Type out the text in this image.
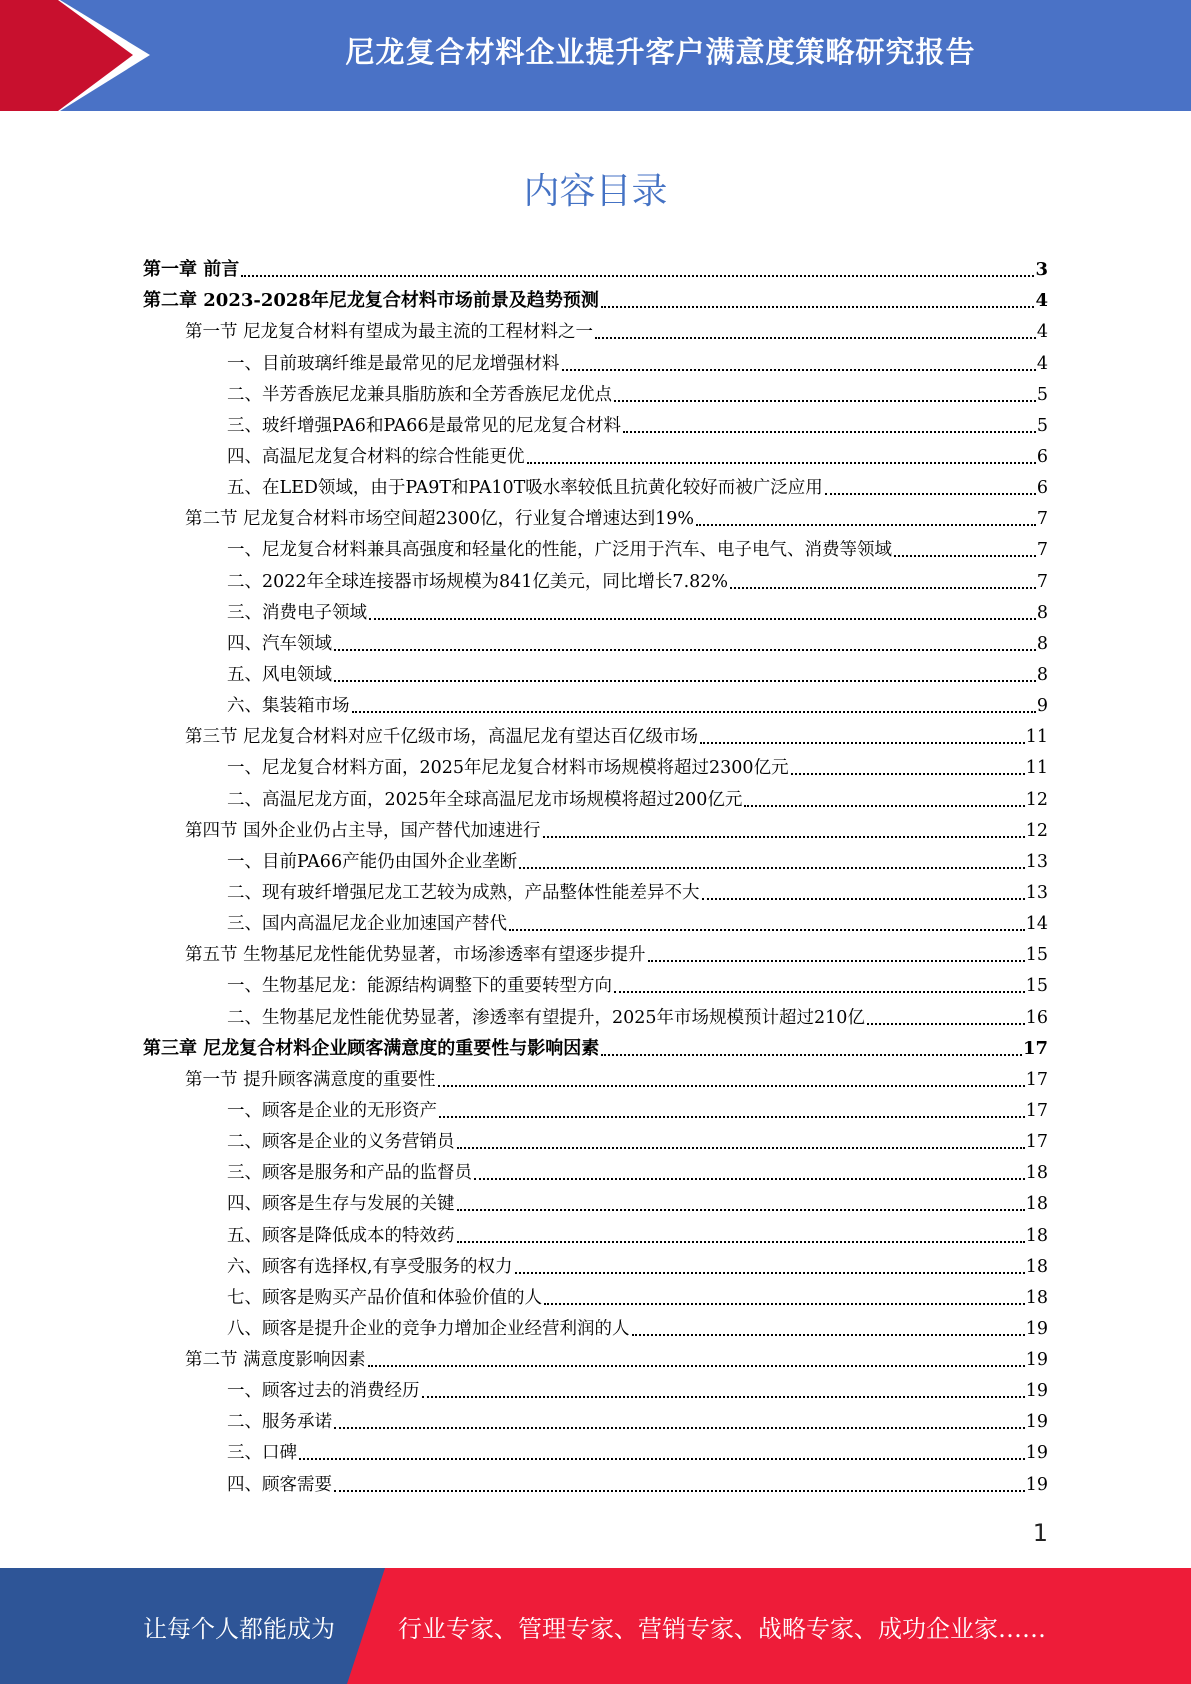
尼龙复合材料企业提升客户满意度策略研究报告
内容目录
第一章 前言	3
第二章 2023-2028年尼龙复合材料市场前景及趋势预测	4
第一节 尼龙复合材料有望成为最主流的工程材料之一	4
一、目前玻璃纤维是最常见的尼龙增强材料	4
二、半芳香族尼龙兼具脂肪族和全芳香族尼龙优点	5
三、玻纤增强PA6和PA66是最常见的尼龙复合材料	5
四、高温尼龙复合材料的综合性能更优	6
五、在LED领域，由于PA9T和PA10T吸水率较低且抗黄化较好而被广泛应用	6
第二节 尼龙复合材料市场空间超2300亿，行业复合增速达到19%	7
一、尼龙复合材料兼具高强度和轻量化的性能，广泛用于汽车、电子电气、消费等领域	7
二、2022年全球连接器市场规模为841亿美元，同比增长7.82%	7
三、消费电子领域	8
四、汽车领域	8
五、风电领域	8
六、集装箱市场	9
第三节 尼龙复合材料对应千亿级市场，高温尼龙有望达百亿级市场	11
一、尼龙复合材料方面，2025年尼龙复合材料市场规模将超过2300亿元	11
二、高温尼龙方面，2025年全球高温尼龙市场规模将超过200亿元	12
第四节 国外企业仍占主导，国产替代加速进行	12
一、目前PA66产能仍由国外企业垄断	13
二、现有玻纤增强尼龙工艺较为成熟，产品整体性能差异不大	13
三、国内高温尼龙企业加速国产替代	14
第五节 生物基尼龙性能优势显著，市场渗透率有望逐步提升	15
一、生物基尼龙：能源结构调整下的重要转型方向	15
二、生物基尼龙性能优势显著，渗透率有望提升，2025年市场规模预计超过210亿	16
第三章 尼龙复合材料企业顾客满意度的重要性与影响因素	17
第一节 提升顾客满意度的重要性	17
一、顾客是企业的无形资产	17
二、顾客是企业的义务营销员	17
三、顾客是服务和产品的监督员	18
四、顾客是生存与发展的关键	18
五、顾客是降低成本的特效药	18
六、顾客有选择权,有享受服务的权力	18
七、顾客是购买产品价值和体验价值的人	18
八、顾客是提升企业的竞争力增加企业经营利润的人	19
第二节 满意度影响因素	19
一、顾客过去的消费经历	19
二、服务承诺	19
三、口碑	19
四、顾客需要	19
1
让每个人都能成为	行业专家、管理专家、营销专家、战略专家、成功企业家……
